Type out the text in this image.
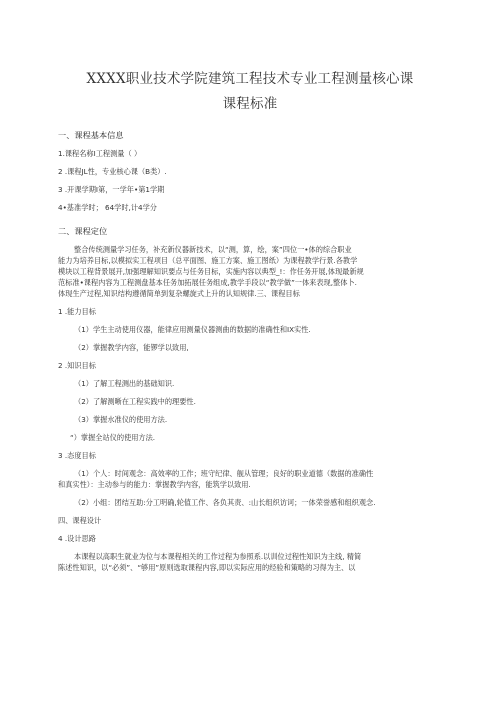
XXXX职业技术学院建筑工程技术专业工程测量核心课
课程标准
一、课程基本信息
1.课程名称I工程测量（ ）
2 .课程JL性，专业核心课（B类）.
3 .开课学期I第，一学年•第1学期
4•基准学时； 64学时,计4学分
二、课程定位
整合传统测量学习任务，补充新仪器新技术，以“测，算，绘，案”四位一•体的综合职业
能力为培养目标,以模拟实工程项目（总平面图、施工方案、施工图纸）为课程教学行景.各教学
模块以工程背景展开,加强理解知识要点与任务目标，实施内容以典型_!：作任务开展,体现最新规
范标准•课程内容为工程测盘基本任务加拓展任务组成,教学手段以“教学做”一体来表现,整体卜.
体现生产过程,知识结构遵循简单到复杂螺旋式上升的认知规律.三、课程目标
1 .能力目标
（1）学生主动使用仪器，能律应用测量仪器测曲的数据的准确性和IX实性.
（2）掌握教学内容，能锣学以致用,
2 .知识目标
（1）了解工程测出的基础知识.
（2）了解测晰在工程实践中的理要性.
（3）掌握水准仪的使用方法.
“）掌握全站仪的使用方法.
3 .态度目标
（1）个人：时间观念：高效率的工作；班守纪律、舰从管理；良好的职业道德（数据的准确性
和真实性）：主动参与的能力：掌握教学内容，能筑学以致用.
（2）小组：团结互助:分工明确,轮值工作、各负其责、:山长组织访诃；一体荣誉感和组织观念.
四、课程设计
4 .设计思路
本课程以高职生就业为位与本课程相关的工作过程为参照系.以训位过程性知识为主线, 精简
陈述性知识，以“必须”、“够用”原则选取课程内容,即以实际应用的经验和策略的习得为主、以
